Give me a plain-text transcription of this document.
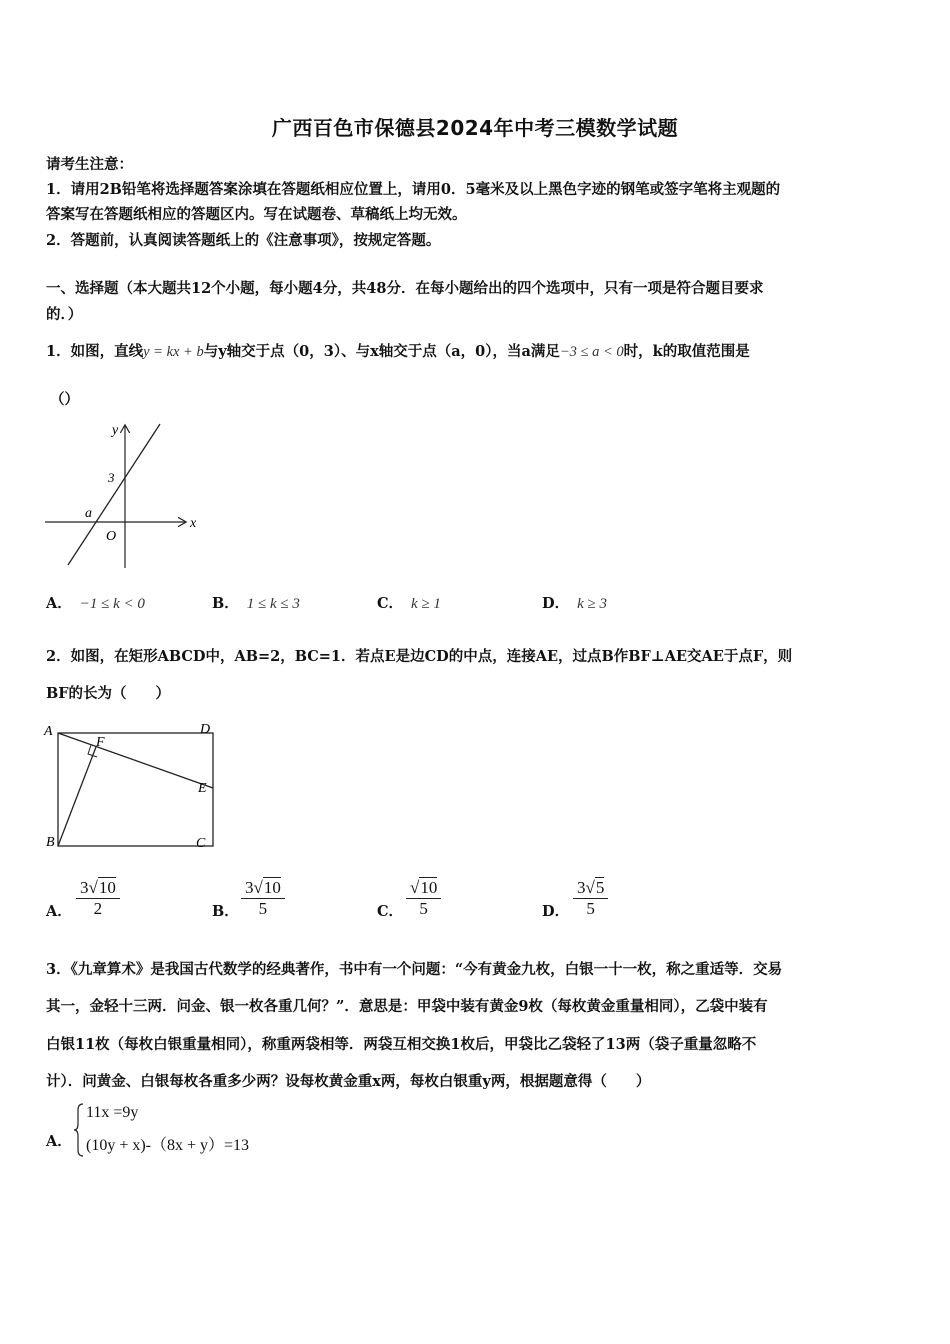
广西百色市保德县2024年中考三模数学试题
请考生注意：
1．请用2B铅笔将选择题答案涂填在答题纸相应位置上，请用0．5毫米及以上黑色字迹的钢笔或签字笔将主观题的
答案写在答题纸相应的答题区内。写在试题卷、草稿纸上均无效。
2．答题前，认真阅读答题纸上的《注意事项》，按规定答题。
一、选择题（本大题共12个小题，每小题4分，共48分．在每小题给出的四个选项中，只有一项是符合题目要求
的．）
1．如图，直线y = kx + b与y轴交于点（0，3）、与x轴交于点（a，0），当a满足−3 ≤ a < 0时，k的取值范围是
（）
y
x
3
a
O
A． −1 ≤ k < 0	B． 1 ≤ k ≤ 3	C． k ≥ 1	D． k ≥ 3
2．如图，在矩形ABCD中，AB=2，BC=1．若点E是边CD的中点，连接AE，过点B作BF⊥AE交AE于点F，则
BF的长为（　　）
A	D
F
E
B	C
A． $\frac{3√10}{2}$	B． $\frac{3√10}{5}$	C． $\frac{√10}{5}$	D． $\frac{3√5}{5}$
3．《九章算术》是我国古代数学的经典著作，书中有一个问题：“今有黄金九枚，白银一十一枚，称之重适等．交易
其一，金轻十三两．问金、银一枚各重几何？”．意思是：甲袋中装有黄金9枚（每枚黄金重量相同），乙袋中装有
白银11枚（每枚白银重量相同），称重两袋相等．两袋互相交换1枚后，甲袋比乙袋轻了13两（袋子重量忽略不
计）．问黄金、白银每枚各重多少两？设每枚黄金重x两，每枚白银重y两，根据题意得（　　）
A．
11x =9y
(10y + x)-（8x + y）=13
